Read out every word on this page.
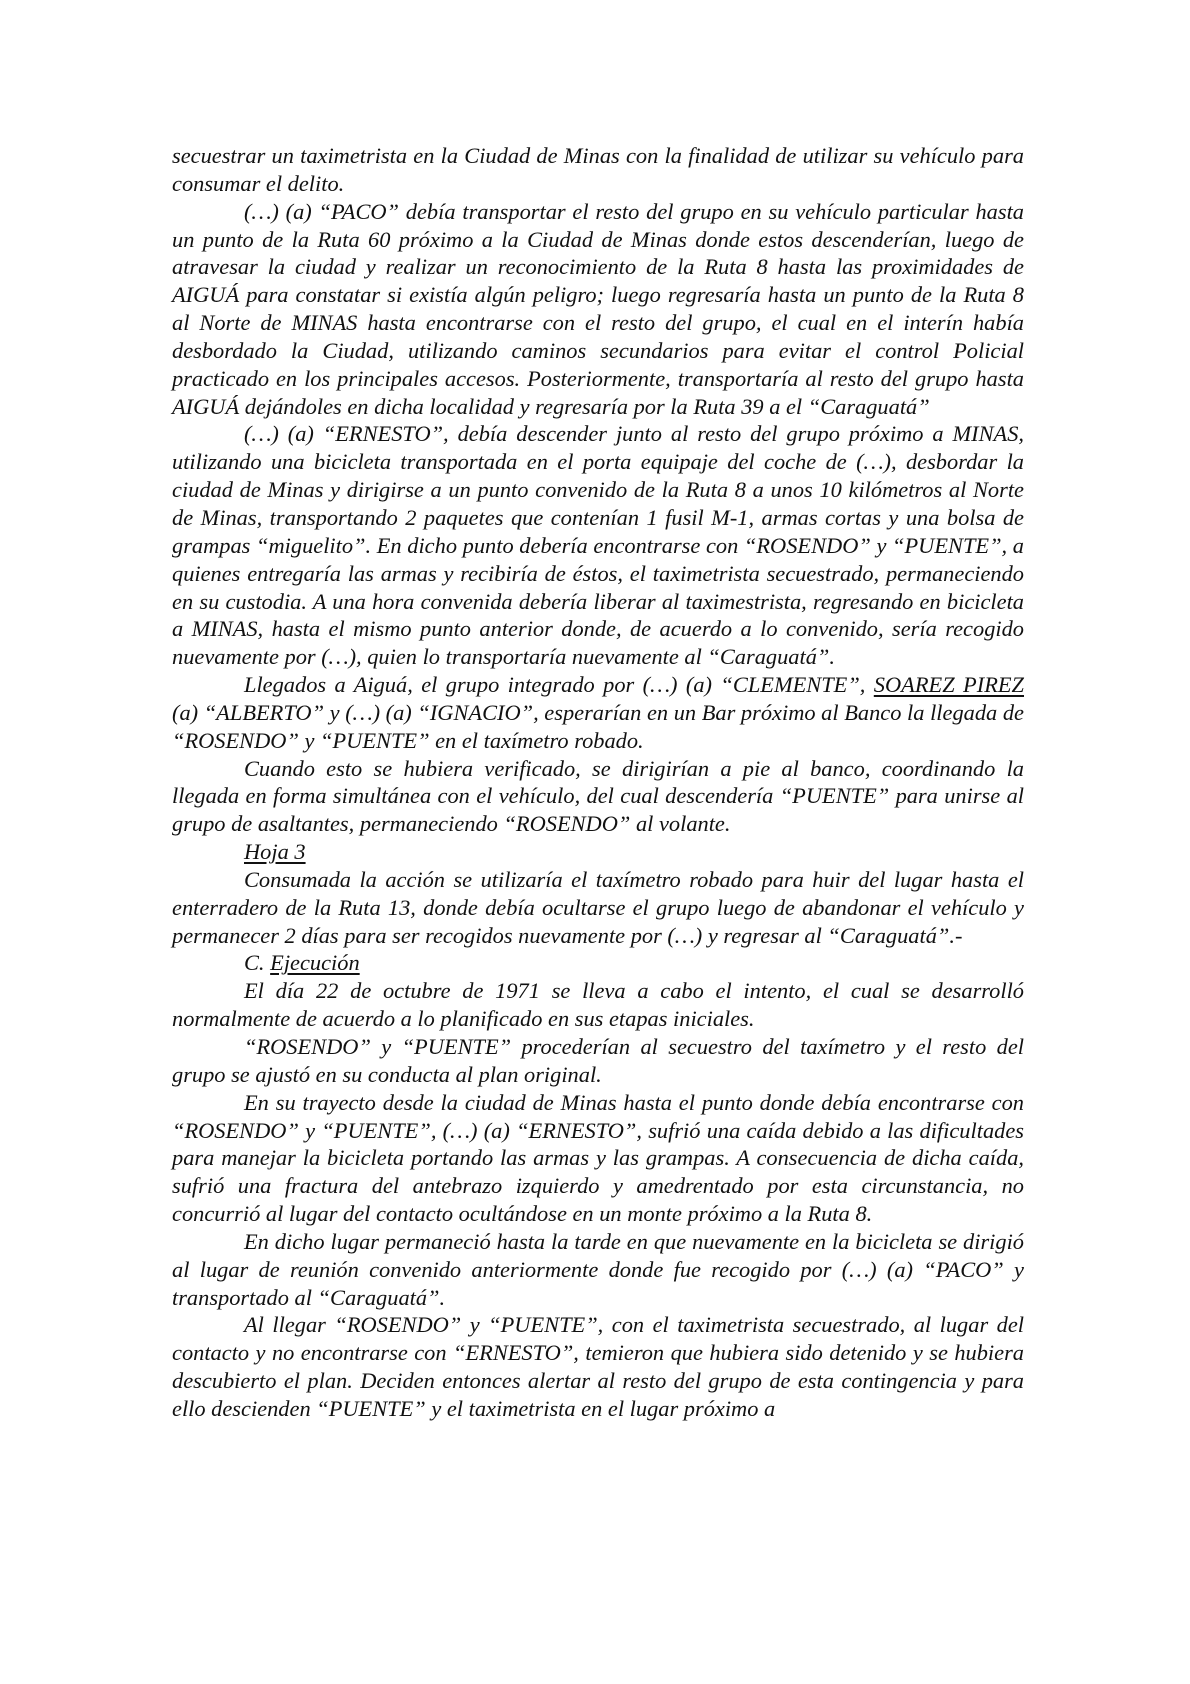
secuestrar un taximetrista en la Ciudad de Minas con la finalidad de utilizar su vehículo para consumar el delito.

(…) (a) “PACO” debía transportar el resto del grupo en su vehículo particular hasta un punto de la Ruta 60 próximo a la Ciudad de Minas donde estos descenderían, luego de atravesar la ciudad y realizar un reconocimiento de la Ruta 8 hasta las proximidades de AIGUÁ para constatar si existía algún peligro; luego regresaría hasta un punto de la Ruta 8 al Norte de MINAS hasta encontrarse con el resto del grupo, el cual en el interín había desbordado la Ciudad, utilizando caminos secundarios para evitar el control Policial practicado en los principales accesos. Posteriormente, transportaría al resto del grupo hasta AIGUÁ dejándoles en dicha localidad y regresaría por la Ruta 39 a el “Caraguatá”

(…) (a) “ERNESTO”, debía descender junto al resto del grupo próximo a MINAS, utilizando una bicicleta transportada en el porta equipaje del coche de (…), desbordar la ciudad de Minas y dirigirse a un punto convenido de la Ruta 8 a unos 10 kilómetros al Norte de Minas, transportando 2 paquetes que contenían 1 fusil M-1, armas cortas y una bolsa de grampas “miguelito”. En dicho punto debería encontrarse con “ROSENDO” y “PUENTE”, a quienes entregaría las armas y recibiría de éstos, el taximetrista secuestrado, permaneciendo en su custodia. A una hora convenida debería liberar al taximestrista, regresando en bicicleta a MINAS, hasta el mismo punto anterior donde, de acuerdo a lo convenido, sería recogido nuevamente por (…), quien lo transportaría nuevamente al “Caraguatá”.

Llegados a Aiguá, el grupo integrado por (…) (a) “CLEMENTE”, SOAREZ PIREZ (a) “ALBERTO” y (…) (a) “IGNACIO”, esperarían en un Bar próximo al Banco la llegada de “ROSENDO” y “PUENTE” en el taxímetro robado.

Cuando esto se hubiera verificado, se dirigirían a pie al banco, coordinando la llegada en forma simultánea con el vehículo, del cual descendería “PUENTE” para unirse al grupo de asaltantes, permaneciendo “ROSENDO” al volante.

Hoja 3

Consumada la acción se utilizaría el taxímetro robado para huir del lugar hasta el enterradero de la Ruta 13, donde debía ocultarse el grupo luego de abandonar el vehículo y permanecer 2 días para ser recogidos nuevamente por (…) y regresar al “Caraguatá”.-

C. Ejecución

El día 22 de octubre de 1971 se lleva a cabo el intento, el cual se desarrolló normalmente de acuerdo a lo planificado en sus etapas iniciales.

“ROSENDO” y “PUENTE” procederían al secuestro del taxímetro y el resto del grupo se ajustó en su conducta al plan original.

En su trayecto desde la ciudad de Minas hasta el punto donde debía encontrarse con “ROSENDO” y “PUENTE”, (…) (a) “ERNESTO”, sufrió una caída debido a las dificultades para manejar la bicicleta portando las armas y las grampas. A consecuencia de dicha caída, sufrió una fractura del antebrazo izquierdo y amedrentado por esta circunstancia, no concurrió al lugar del contacto ocultándose en un monte próximo a la Ruta 8.

En dicho lugar permaneció hasta la tarde en que nuevamente en la bicicleta se dirigió al lugar de reunión convenido anteriormente donde fue recogido por (…) (a) “PACO” y transportado al “Caraguatá”.

Al llegar “ROSENDO” y “PUENTE”, con el taximetrista secuestrado, al lugar del contacto y no encontrarse con “ERNESTO”, temieron que hubiera sido detenido y se hubiera descubierto el plan. Deciden entonces alertar al resto del grupo de esta contingencia y para ello descienden “PUENTE” y el taximetrista en el lugar próximo a
